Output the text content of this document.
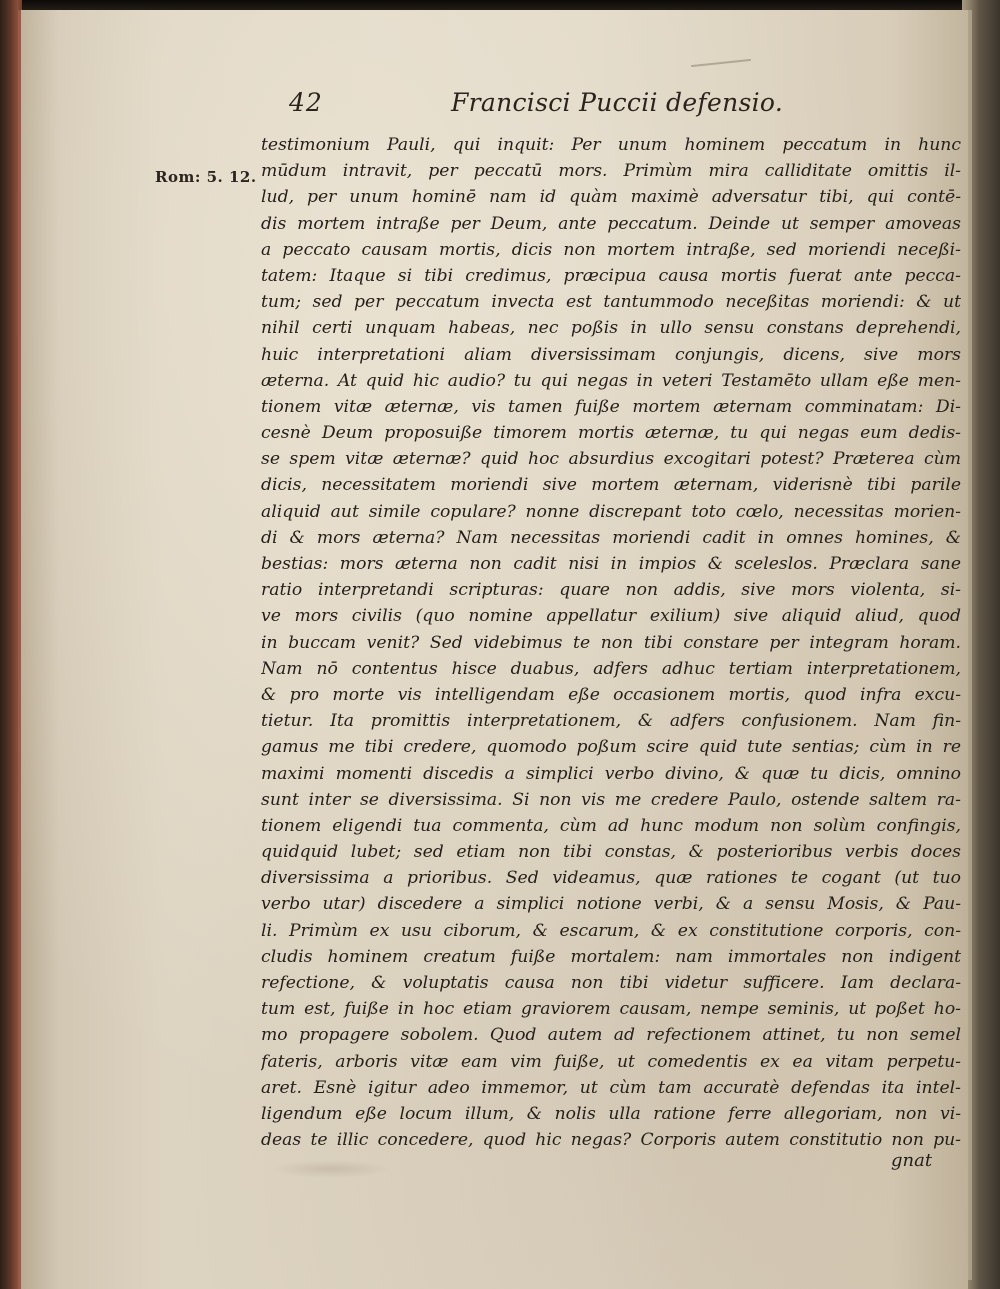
42	Francisci Puccii defensio.
Rom: 5. 12.
testimonium Pauli, qui inquit: Per unum hominem peccatum in hunc
mūdum intravit, per peccatū mors. Primùm mira calliditate omittis il-
lud, per unum hominē nam id quàm maximè adversatur tibi, qui contē-
dis mortem intraße per Deum, ante peccatum. Deinde ut semper amoveas
a peccato causam mortis, dicis non mortem intraße, sed moriendi neceßi-
tatem: Itaque si tibi credimus, præcipua causa mortis fuerat ante pecca-
tum; sed per peccatum invecta est tantummodo neceßitas moriendi: & ut
nihil certi unquam habeas, nec poßis in ullo sensu constans deprehendi,
huic interpretationi aliam diversissimam conjungis, dicens, sive mors
æterna. At quid hic audio? tu qui negas in veteri Testamēto ullam eße men-
tionem vitæ æternæ, vis tamen fuiße mortem æternam comminatam: Di-
cesnè Deum proposuiße timorem mortis æternæ, tu qui negas eum dedis-
se spem vitæ æternæ? quid hoc absurdius excogitari potest? Præterea cùm
dicis, necessitatem moriendi sive mortem æternam, viderisnè tibi parile
aliquid aut simile copulare? nonne discrepant toto cœlo, necessitas morien-
di & mors æterna? Nam necessitas moriendi cadit in omnes homines, &
bestias: mors æterna non cadit nisi in impios & sceleslos. Præclara sane
ratio interpretandi scripturas: quare non addis, sive mors violenta, si-
ve mors civilis (quo nomine appellatur exilium) sive aliquid aliud, quod
in buccam venit? Sed videbimus te non tibi constare per integram horam.
Nam nō contentus hisce duabus, adfers adhuc tertiam interpretationem,
& pro morte vis intelligendam eße occasionem mortis, quod infra excu-
tietur. Ita promittis interpretationem, & adfers confusionem. Nam fin-
gamus me tibi credere, quomodo poßum scire quid tute sentias; cùm in re
maximi momenti discedis a simplici verbo divino, & quæ tu dicis, omnino
sunt inter se diversissima. Si non vis me credere Paulo, ostende saltem ra-
tionem eligendi tua commenta, cùm ad hunc modum non solùm confingis,
quidquid lubet; sed etiam non tibi constas, & posterioribus verbis doces
diversissima a prioribus. Sed videamus, quæ rationes te cogant (ut tuo
verbo utar) discedere a simplici notione verbi, & a sensu Mosis, & Pau-
li. Primùm ex usu ciborum, & escarum, & ex constitutione corporis, con-
cludis hominem creatum fuiße mortalem: nam immortales non indigent
refectione, & voluptatis causa non tibi videtur sufficere. Iam declara-
tum est, fuiße in hoc etiam graviorem causam, nempe seminis, ut poßet ho-
mo propagere sobolem. Quod autem ad refectionem attinet, tu non semel
fateris, arboris vitæ eam vim fuiße, ut comedentis ex ea vitam perpetu-
aret. Esnè igitur adeo immemor, ut cùm tam accuratè defendas ita intel-
ligendum eße locum illum, & nolis ulla ratione ferre allegoriam, non vi-
deas te illic concedere, quod hic negas? Corporis autem constitutio non pu-
gnat
